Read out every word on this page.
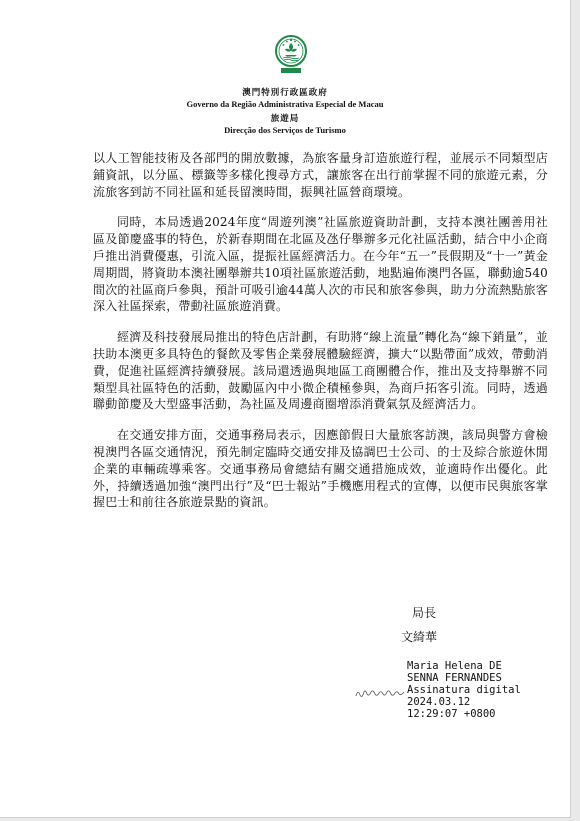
澳門特別行政區政府
Governo da Região Administrativa Especial de Macau
旅遊局
Direcção dos Serviços de Turismo

以人工智能技術及各部門的開放數據，為旅客量身訂造旅遊行程，並展示不同類型店鋪資訊，以分區、標籤等多樣化搜尋方式，讓旅客在出行前掌握不同的旅遊元素，分流旅客到訪不同社區和延長留澳時間，振興社區營商環境。

同時，本局透過2024年度“周遊列澳”社區旅遊資助計劃，支持本澳社團善用社區及節慶盛事的特色，於新春期間在北區及氹仔舉辦多元化社區活動，結合中小企商戶推出消費優惠，引流入區，提振社區經濟活力。在今年“五一”長假期及“十一”黃金周期間，將資助本澳社團舉辦共10項社區旅遊活動，地點遍佈澳門各區，聯動逾540間次的社區商戶參與，預計可吸引逾44萬人次的市民和旅客參與，助力分流熱點旅客深入社區探索，帶動社區旅遊消費。

經濟及科技發展局推出的特色店計劃，有助將“線上流量”轉化為“線下銷量”，並扶助本澳更多具特色的餐飲及零售企業發展體驗經濟，擴大“以點帶面”成效，帶動消費，促進社區經濟持續發展。該局還透過與地區工商團體合作，推出及支持舉辦不同類型具社區特色的活動，鼓勵區內中小微企積極參與，為商戶拓客引流。同時，透過聯動節慶及大型盛事活動，為社區及周邊商圈增添消費氣氛及經濟活力。

在交通安排方面，交通事務局表示，因應節假日大量旅客訪澳，該局與警方會檢視澳門各區交通情況，預先制定臨時交通安排及協調巴士公司、的士及綜合旅遊休閒企業的車輛疏導乘客。交通事務局會總結有關交通措施成效，並適時作出優化。此外，持續透過加強“澳門出行”及“巴士報站”手機應用程式的宣傳，以便市民與旅客掌握巴士和前往各旅遊景點的資訊。

局長
文綺華
Maria Helena DE
SENNA FERNANDES
Assinatura digital
2024.03.12
12:29:07 +0800
